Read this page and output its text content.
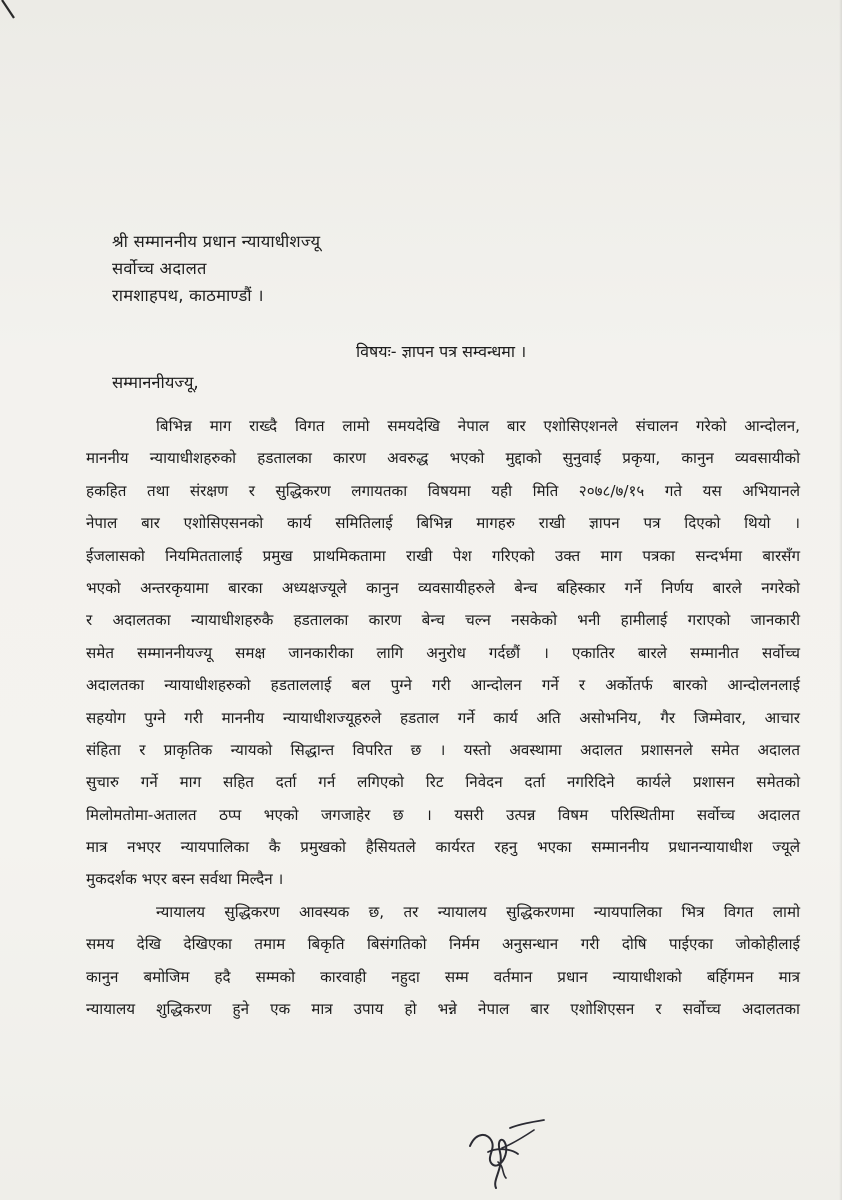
श्री सम्माननीय प्रधान न्यायाधीशज्यू
सर्वोच्च अदालत
रामशाहपथ, काठमाण्डौं ।
विषयः- ज्ञापन पत्र सम्वन्धमा ।
सम्माननीयज्यू,
बिभिन्न माग राख्दै विगत लामो समयदेखि नेपाल बार एशोसिएशनले संचालन गरेको आन्दोलन,
माननीय न्यायाधीशहरुको हडतालका कारण अवरुद्ध भएको मुद्दाको सुनुवाई प्रकृया, कानुन व्यवसायीको
हकहित तथा संरक्षण र सुद्धिकरण लगायतका विषयमा यही मिति २०७८/७/१५ गते यस अभियानले
नेपाल बार एशोसिएसनको कार्य समितिलाई बिभिन्न मागहरु राखी ज्ञापन पत्र दिएको थियो ।
ईजलासको नियमिततालाई प्रमुख प्राथमिकतामा राखी पेश गरिएको उक्त माग पत्रका सन्दर्भमा बारसँग
भएको अन्तरकृयामा बारका अध्यक्षज्यूले कानुन व्यवसायीहरुले बेन्च बहिस्कार गर्ने निर्णय बारले नगरेको
र अदालतका न्यायाधीशहरुकै हडतालका कारण बेन्च चल्न नसकेको भनी हामीलाई गराएको जानकारी
समेत सम्माननीयज्यू समक्ष जानकारीका लागि अनुरोध गर्दछौं । एकातिर बारले सम्मानीत सर्वोच्च
अदालतका न्यायाधीशहरुको हडताललाई बल पुग्ने गरी आन्दोलन गर्ने र अर्कोतर्फ बारको आन्दोलनलाई
सहयोग पुग्ने गरी माननीय न्यायाधीशज्यूहरुले हडताल गर्ने कार्य अति असोभनिय, गैर जिम्मेवार, आचार
संहिता र प्राकृतिक न्यायको सिद्धान्त विपरित छ । यस्तो अवस्थामा अदालत प्रशासनले समेत अदालत
सुचारु गर्ने माग सहित दर्ता गर्न लगिएको रिट निवेदन दर्ता नगरिदिने कार्यले प्रशासन समेतको
मिलोमतोमा-अतालत ठप्प भएको जगजाहेर छ । यसरी उत्पन्न विषम परिस्थितीमा सर्वोच्च अदालत
मात्र नभएर न्यायपालिका कै प्रमुखको हैसियतले कार्यरत रहनु भएका सम्माननीय प्रधानन्यायाधीश ज्यूले
मुकदर्शक भएर बस्न सर्वथा मिल्दैन ।
न्यायालय सुद्धिकरण आवस्यक छ, तर न्यायालय सुद्धिकरणमा न्यायपालिका भित्र विगत लामो
समय देखि देखिएका तमाम बिकृति बिसंगतिको निर्मम अनुसन्धान गरी दोषि पाईएका जोकोहीलाई
कानुन बमोजिम हदै सम्मको कारवाही नहुदा सम्म वर्तमान प्रधान न्यायाधीशको बर्हिगमन मात्र
न्यायालय शुद्धिकरण हुने एक मात्र उपाय हो भन्ने नेपाल बार एशोशिएसन र सर्वोच्च अदालतका
